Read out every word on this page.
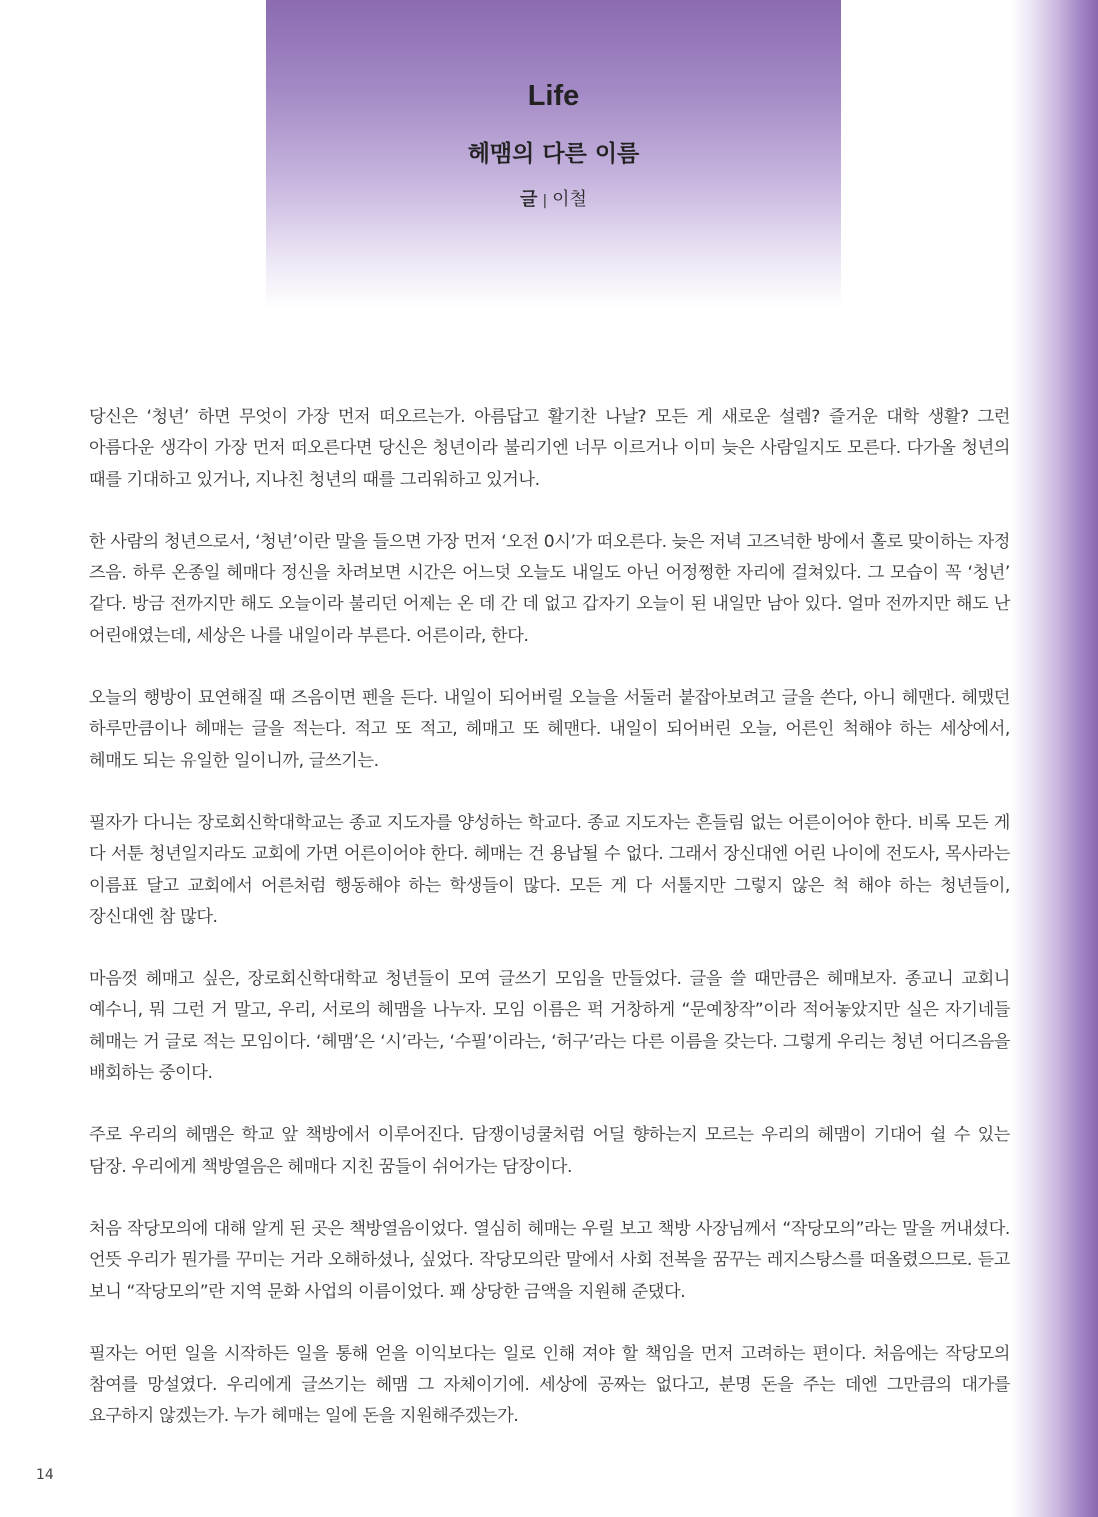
Life
헤맴의 다른 이름
글 | 이철

당신은 ‘청년’ 하면 무엇이 가장 먼저 떠오르는가. 아름답고 활기찬 나날? 모든 게 새로운 설렘? 즐거운 대학 생활? 그런 아름다운 생각이 가장 먼저 떠오른다면 당신은 청년이라 불리기엔 너무 이르거나 이미 늦은 사람일지도 모른다. 다가올 청년의 때를 기대하고 있거나, 지나친 청년의 때를 그리워하고 있거나.

한 사람의 청년으로서, ‘청년’이란 말을 들으면 가장 먼저 ‘오전 0시’가 떠오른다. 늦은 저녁 고즈넉한 방에서 홀로 맞이하는 자정 즈음. 하루 온종일 헤매다 정신을 차려보면 시간은 어느덧 오늘도 내일도 아닌 어정쩡한 자리에 걸쳐있다. 그 모습이 꼭 ‘청년’ 같다. 방금 전까지만 해도 오늘이라 불리던 어제는 온 데 간 데 없고 갑자기 오늘이 된 내일만 남아 있다. 얼마 전까지만 해도 난 어린애였는데, 세상은 나를 내일이라 부른다. 어른이라, 한다.

오늘의 행방이 묘연해질 때 즈음이면 펜을 든다. 내일이 되어버릴 오늘을 서둘러 붙잡아보려고 글을 쓴다, 아니 헤맨다. 헤맸던 하루만큼이나 헤매는 글을 적는다. 적고 또 적고, 헤매고 또 헤맨다. 내일이 되어버린 오늘, 어른인 척해야 하는 세상에서, 헤매도 되는 유일한 일이니까, 글쓰기는.

필자가 다니는 장로회신학대학교는 종교 지도자를 양성하는 학교다. 종교 지도자는 흔들림 없는 어른이어야 한다. 비록 모든 게 다 서툰 청년일지라도 교회에 가면 어른이어야 한다. 헤매는 건 용납될 수 없다. 그래서 장신대엔 어린 나이에 전도사, 목사라는 이름표 달고 교회에서 어른처럼 행동해야 하는 학생들이 많다. 모든 게 다 서툴지만 그렇지 않은 척 해야 하는 청년들이, 장신대엔 참 많다.

마음껏 헤매고 싶은, 장로회신학대학교 청년들이 모여 글쓰기 모임을 만들었다. 글을 쓸 때만큼은 헤매보자. 종교니 교회니 예수니, 뭐 그런 거 말고, 우리, 서로의 헤맴을 나누자. 모임 이름은 퍽 거창하게 “문예창작”이라 적어놓았지만 실은 자기네들 헤매는 거 글로 적는 모임이다. ‘헤맴’은 ‘시’라는, ‘수필’이라는, ‘허구’라는 다른 이름을 갖는다. 그렇게 우리는 청년 어디즈음을 배회하는 중이다.

주로 우리의 헤맴은 학교 앞 책방에서 이루어진다. 담쟁이넝쿨처럼 어딜 향하는지 모르는 우리의 헤맴이 기대어 쉴 수 있는 담장. 우리에게 책방열음은 헤매다 지친 꿈들이 쉬어가는 담장이다.

처음 작당모의에 대해 알게 된 곳은 책방열음이었다. 열심히 헤매는 우릴 보고 책방 사장님께서 “작당모의”라는 말을 꺼내셨다. 언뜻 우리가 뭔가를 꾸미는 거라 오해하셨나, 싶었다. 작당모의란 말에서 사회 전복을 꿈꾸는 레지스탕스를 떠올렸으므로. 듣고 보니 “작당모의”란 지역 문화 사업의 이름이었다. 꽤 상당한 금액을 지원해 준댔다.

필자는 어떤 일을 시작하든 일을 통해 얻을 이익보다는 일로 인해 져야 할 책임을 먼저 고려하는 편이다. 처음에는 작당모의 참여를 망설였다. 우리에게 글쓰기는 헤맴 그 자체이기에. 세상에 공짜는 없다고, 분명 돈을 주는 데엔 그만큼의 대가를 요구하지 않겠는가. 누가 헤매는 일에 돈을 지원해주겠는가.

14
